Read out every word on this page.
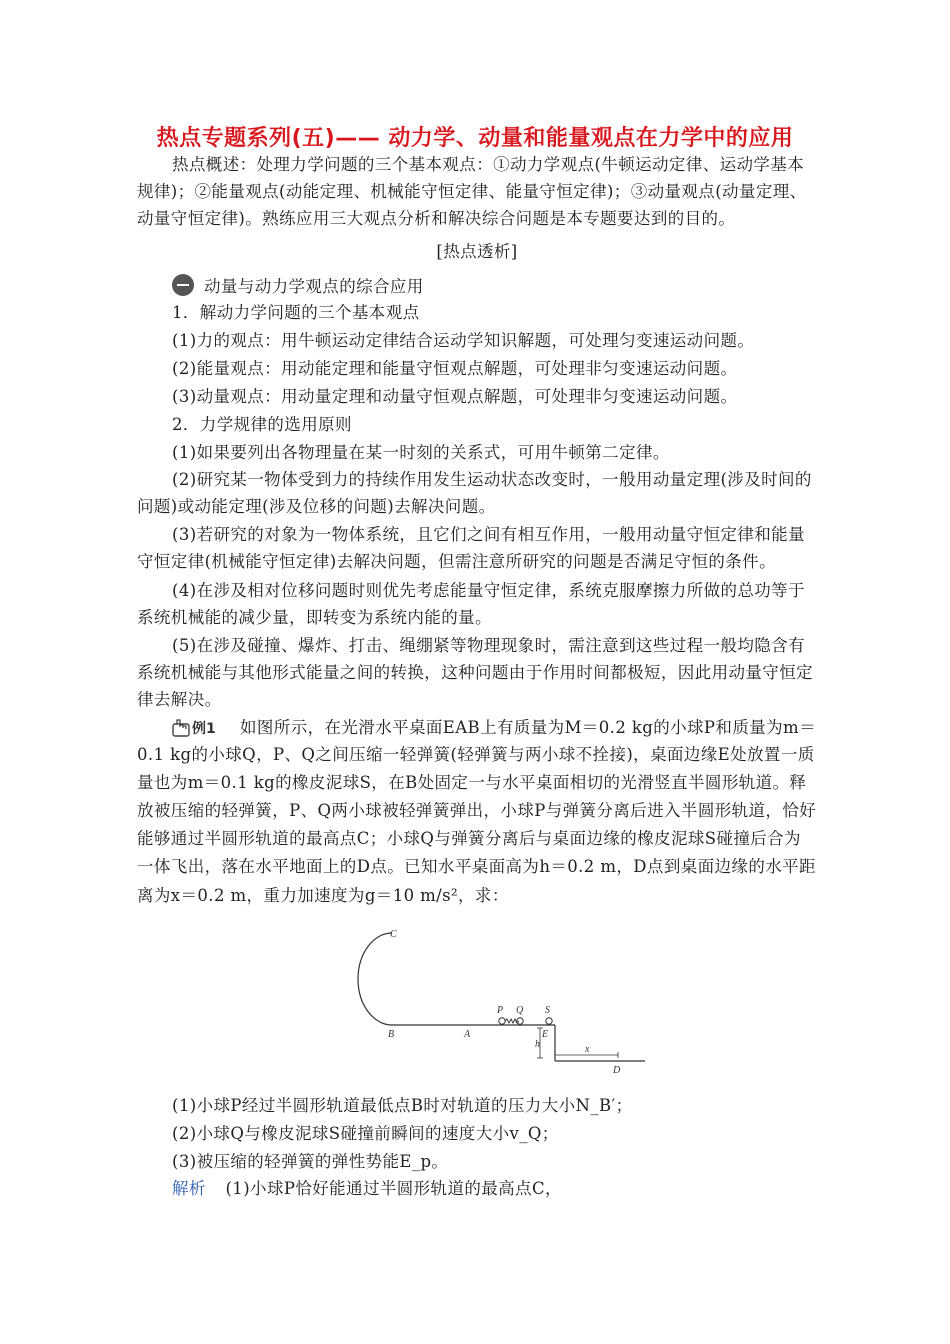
热点专题系列(五)—— 动力学、动量和能量观点在力学中的应用
热点概述：处理力学问题的三个基本观点：①动力学观点(牛顿运动定律、运动学基本
规律)；②能量观点(动能定理、机械能守恒定律、能量守恒定律)；③动量观点(动量定理、
动量守恒定律)。熟练应用三大观点分析和解决综合问题是本专题要达到的目的。
[热点透析]
动量与动力学观点的综合应用
1．解动力学问题的三个基本观点
(1)力的观点：用牛顿运动定律结合运动学知识解题，可处理匀变速运动问题。
(2)能量观点：用动能定理和能量守恒观点解题，可处理非匀变速运动问题。
(3)动量观点：用动量定理和动量守恒观点解题，可处理非匀变速运动问题。
2．力学规律的选用原则
(1)如果要列出各物理量在某一时刻的关系式，可用牛顿第二定律。
(2)研究某一物体受到力的持续作用发生运动状态改变时，一般用动量定理(涉及时间的
问题)或动能定理(涉及位移的问题)去解决问题。
(3)若研究的对象为一物体系统，且它们之间有相互作用，一般用动量守恒定律和能量
守恒定律(机械能守恒定律)去解决问题，但需注意所研究的问题是否满足守恒的条件。
(4)在涉及相对位移问题时则优先考虑能量守恒定律，系统克服摩擦力所做的总功等于
系统机械能的减少量，即转变为系统内能的量。
(5)在涉及碰撞、爆炸、打击、绳绷紧等物理现象时，需注意到这些过程一般均隐含有
系统机械能与其他形式能量之间的转换，这种问题由于作用时间都极短，因此用动量守恒定
律去解决。
例1 如图所示，在光滑水平桌面EAB上有质量为M＝0.2 kg的小球P和质量为m＝
0.1 kg的小球Q，P、Q之间压缩一轻弹簧(轻弹簧与两小球不拴接)，桌面边缘E处放置一质
量也为m＝0.1 kg的橡皮泥球S，在B处固定一与水平桌面相切的光滑竖直半圆形轨道。释
放被压缩的轻弹簧，P、Q两小球被轻弹簧弹出，小球P与弹簧分离后进入半圆形轨道，恰好
能够通过半圆形轨道的最高点C；小球Q与弹簧分离后与桌面边缘的橡皮泥球S碰撞后合为
一体飞出，落在水平地面上的D点。已知水平桌面高为h＝0.2 m，D点到桌面边缘的水平距
离为x＝0.2 m，重力加速度为g＝10 m/s²，求：
C
B	A
P Q S
E
h	x
D
(1)小球P经过半圆形轨道最低点B时对轨道的压力大小N_B′；
(2)小球Q与橡皮泥球S碰撞前瞬间的速度大小v_Q；
(3)被压缩的轻弹簧的弹性势能E_p。
解析 (1)小球P恰好能通过半圆形轨道的最高点C，
